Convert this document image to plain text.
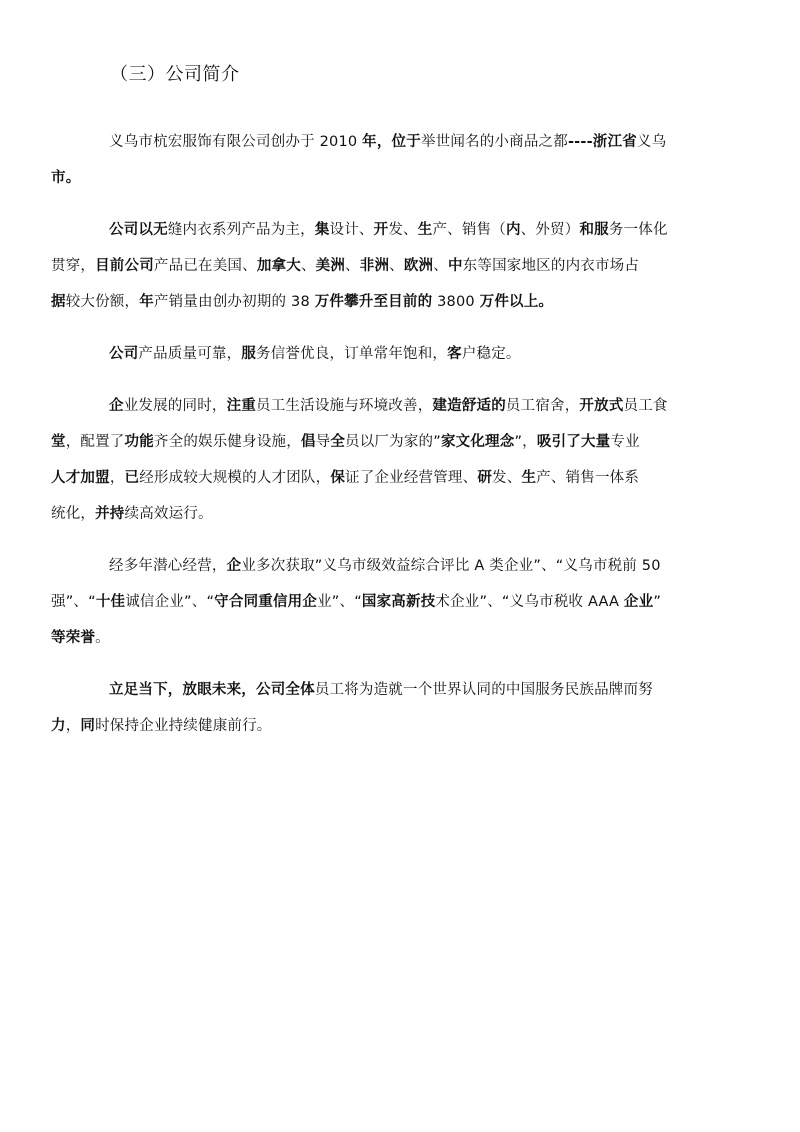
（三）公司简介
义乌市杭宏服饰有限公司创办于 2010 年，位于举世闻名的小商品之都----浙江省义乌
市。
公司以无缝内衣系列产品为主，集设计、开发、生产、销售（内、外贸）和服务一体化
贯穿，目前公司产品已在美国、加拿大、美洲、非洲、欧洲、中东等国家地区的内衣市场占
据较大份额，年产销量由创办初期的 38 万件攀升至目前的 3800 万件以上。
公司产品质量可靠，服务信誉优良，订单常年饱和，客户稳定。
企业发展的同时，注重员工生活设施与环境改善，建造舒适的员工宿舍，开放式员工食
堂，配置了功能齐全的娱乐健身设施，倡导全员以厂为家的”家文化理念”，吸引了大量专业
人才加盟，已经形成较大规模的人才团队，保证了企业经营管理、研发、生产、销售一体系
统化，并持续高效运行。
经多年潜心经营，企业多次获取”义乌市级效益综合评比 A 类企业”、“义乌市税前 50
强”、“十佳诚信企业”、“守合同重信用企业”、“国家高新技术企业”、“义乌市税收 AAA 企业”
等荣誉。
立足当下，放眼未来，公司全体员工将为造就一个世界认同的中国服务民族品牌而努
力，同时保持企业持续健康前行。
